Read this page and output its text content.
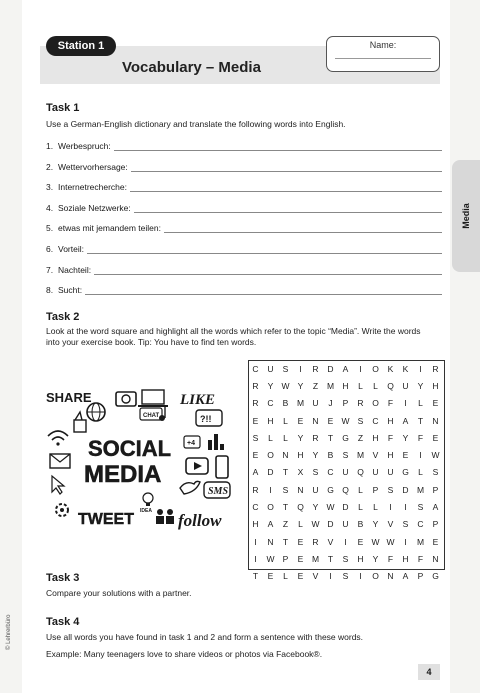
Station 1
Vocabulary – Media
Name:
Media
Task 1
Use a German-English dictionary and translate the following words into English.
1. Werbespruch:
2. Wettervorhersage:
3. Internetrecherche:
4. Soziale Netzwerke:
5. etwas mit jemandem teilen:
6. Vorteil:
7. Nachteil:
8. Sucht:
Task 2
Look at the word square and highlight all the words which refer to the topic “Media”. Write the words
into your exercise book. Tip: You have to find ten words.
SHARE	LIKE
CHAT	?!!
SOCIAL +4
MEDIA
SMS
IDEA
TWEET	follow
C	U	S	I	R	D	A	I	O	K	K	I	R
R	Y	W	Y	Z	M	H	L	L	Q	U	Y	H
R	C	B	M	U	J	P	R	O	F	I	L	E
E	H	L	E	N	E	W	S	C	H	A	T	N
S	L	L	Y	R	T	G	Z	H	F	Y	F	E
E	O	N	H	Y	B	S	M	V	H	E	I	W
A	D	T	X	S	C	U	Q	U	U	G	L	S
R	I	S	N	U	G	Q	L	P	S	D	M	P
C	O	T	Q	Y	W	D	L	L	I	I	S	A
H	A	Z	L	W	D	U	B	Y	V	S	C	P
I	N	T	E	R	V	I	E	W	W	I	M	E
I	W	P	E	M	T	S	H	Y	F	H	F	N
T	E	L	E	V	I	S	I	O	N	A	P	G
Task 3
Compare your solutions with a partner.
Task 4
Use all words you have found in task 1 and 2 and form a sentence with these words.
Example: Many teenagers love to share videos or photos via Facebook®.
© Lehrerbüro
4
